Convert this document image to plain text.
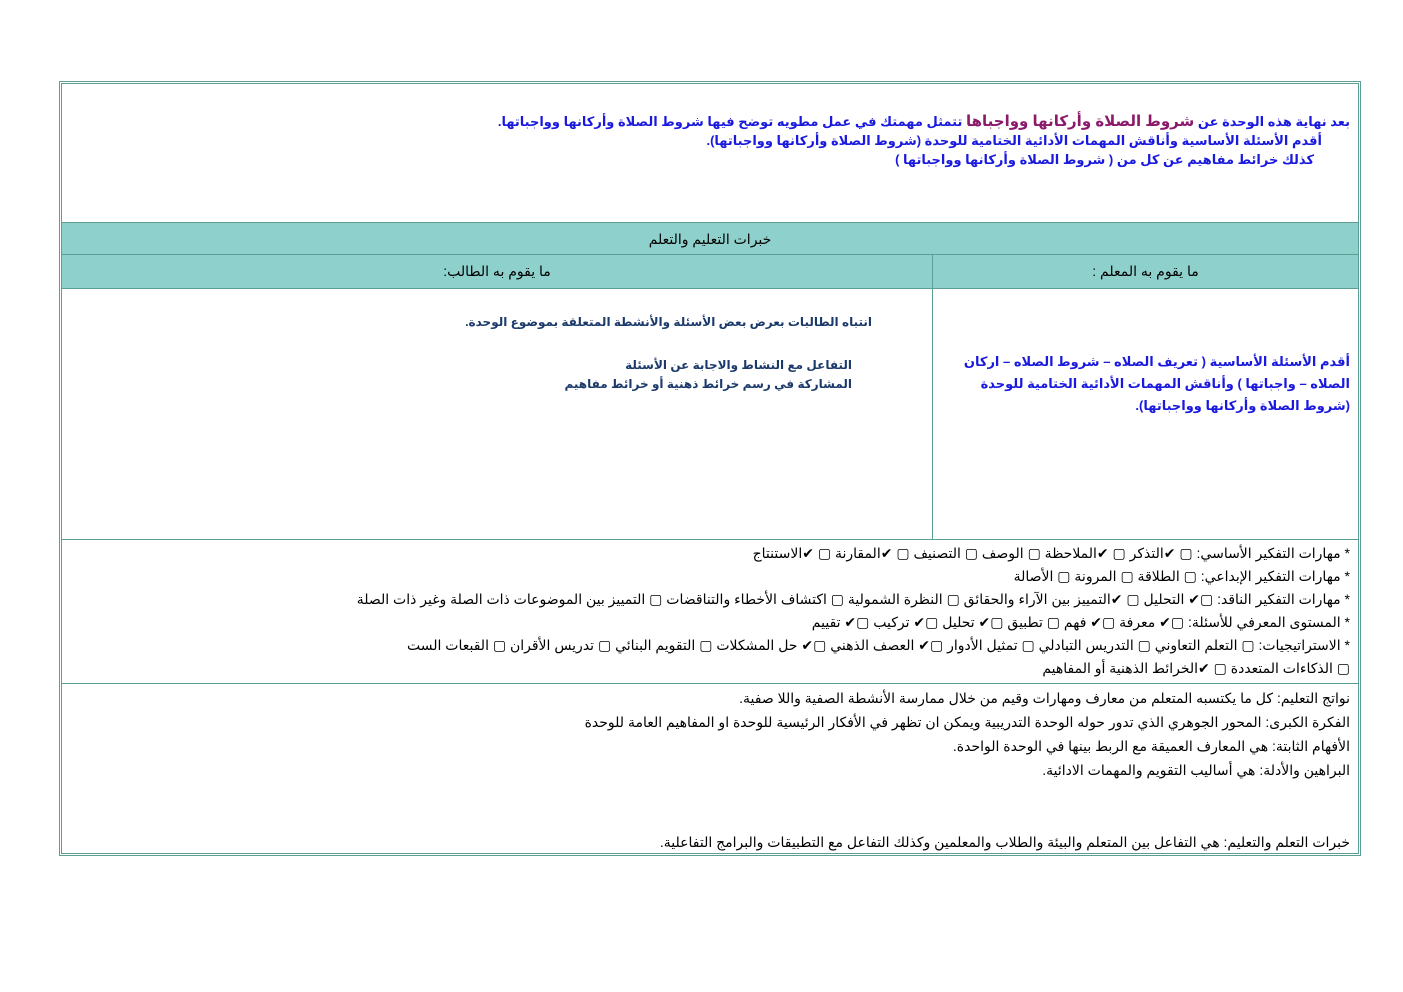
بعد نهاية هذه الوحدة عن شروط الصلاة وأركانها وواجباها تتمثل مهمتك في عمل مطويه توضح فيها شروط الصلاة وأركانها وواجباتها.
أقدم الأسئلة الأساسية وأناقش المهمات الأدائية الختامية للوحدة (شروط الصلاة وأركانها وواجباتها).
كذلك خرائط مفاهيم عن كل من ( شروط الصلاة وأركانها وواجباتها )
خبرات التعليم والتعلم
ما يقوم به المعلم :
ما يقوم به الطالب:
أقدم الأسئلة الأساسية ( تعريف الصلاه – شروط الصلاه – اركان الصلاه – واجباتها ) وأناقش المهمات الأدائية الختامية للوحدة (شروط الصلاة وأركانها وواجباتها).

انتباه الطالبات بعرض بعض الأسئلة والأنشطة المتعلقة بموضوع الوحدة.

التفاعل مع النشاط والاجابة عن الأسئلة

المشاركة في رسم خرائط ذهنية أو خرائط مفاهيم

* مهارات التفكير الأساسي: ▢ ✔التذكر ▢ ✔الملاحظة ▢ الوصف ▢ التصنيف ▢ ✔المقارنة ▢ ✔الاستنتاج

* مهارات التفكير الإبداعي: ▢ الطلاقة ▢ المرونة ▢ الأصالة

* مهارات التفكير الناقد: ▢✔ التحليل ▢ ✔التمييز بين الآراء والحقائق ▢ النظرة الشمولية ▢ اكتشاف الأخطاء والتناقضات ▢ التمييز بين الموضوعات ذات الصلة وغير ذات الصلة

* المستوى المعرفي للأسئلة: ▢✔ معرفة ▢✔ فهم ▢ تطبيق ▢✔ تحليل ▢✔ تركيب ▢✔ تقييم

* الاستراتيجيات: ▢ التعلم التعاوني ▢ التدريس التبادلي ▢ تمثيل الأدوار ▢✔ العصف الذهني ▢✔ حل المشكلات ▢ التقويم البنائي ▢ تدريس الأقران ▢ القبعات الست

▢ الذكاءات المتعددة ▢ ✔الخرائط الذهنية أو المفاهيم

نواتج التعليم: كل ما يكتسبه المتعلم من معارف ومهارات وقيم من خلال ممارسة الأنشطة الصفية واللا صفية.

الفكرة الكبرى: المحور الجوهري الذي تدور حوله الوحدة التدريبية ويمكن ان تظهر في الأفكار الرئيسية للوحدة او المفاهيم العامة للوحدة

الأفهام الثابتة: هي المعارف العميقة مع الربط بينها في الوحدة الواحدة.

البراهين والأدلة: هي أساليب التقويم والمهمات الادائية.

خبرات التعلم والتعليم: هي التفاعل بين المتعلم والبيئة والطلاب والمعلمين وكذلك التفاعل مع التطبيقات والبرامج التفاعلية.
